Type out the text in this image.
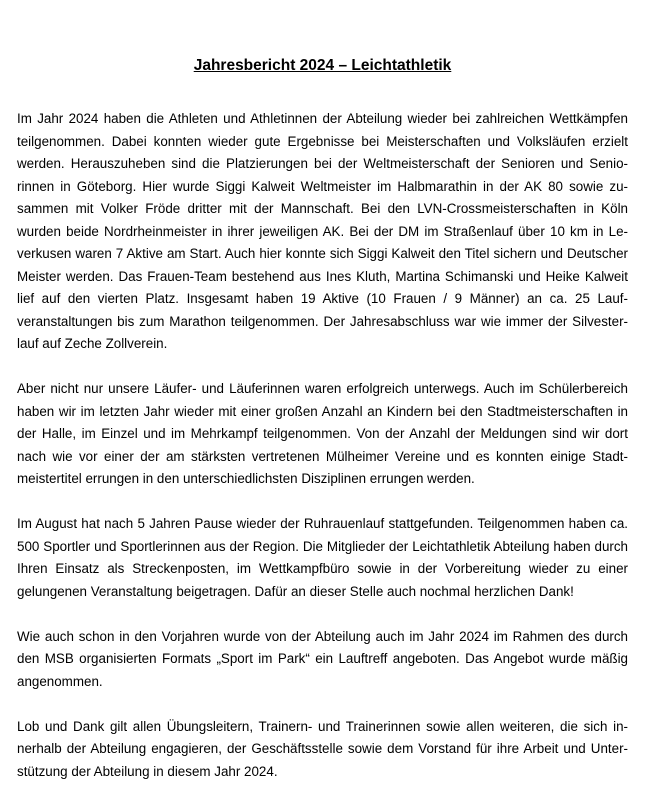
Jahresbericht 2024 – Leichtathletik

Im Jahr 2024 haben die Athleten und Athletinnen der Abteilung wieder bei zahlreichen Wettkämpfen teilgenommen. Dabei konnten wieder gute Ergebnisse bei Meisterschaften und Volksläufen erzielt werden. Herauszuheben sind die Platzierungen bei der Weltmeisterschaft der Senioren und Seniorinnen in Göteborg. Hier wurde Siggi Kalweit Weltmeister im Halbmarathin in der AK 80 sowie zusammen mit Volker Fröde dritter mit der Mannschaft. Bei den LVN-Crossmeisterschaften in Köln wurden beide Nordrheinmeister in ihrer jeweiligen AK. Bei der DM im Straßenlauf über 10 km in Leverkusen waren 7 Aktive am Start. Auch hier konnte sich Siggi Kalweit den Titel sichern und Deutscher Meister werden. Das Frauen-Team bestehend aus Ines Kluth, Martina Schimanski und Heike Kalweit lief auf den vierten Platz. Insgesamt haben 19 Aktive (10 Frauen / 9 Männer) an ca. 25 Laufveranstaltungen bis zum Marathon teilgenommen. Der Jahresabschluss war wie immer der Silvesterlauf auf Zeche Zollverein.

Aber nicht nur unsere Läufer- und Läuferinnen waren erfolgreich unterwegs. Auch im Schülerbereich haben wir im letzten Jahr wieder mit einer großen Anzahl an Kindern bei den Stadtmeisterschaften in der Halle, im Einzel und im Mehrkampf teilgenommen. Von der Anzahl der Meldungen sind wir dort nach wie vor einer der am stärksten vertretenen Mülheimer Vereine und es konnten einige Stadtmeistertitel errungen in den unterschiedlichsten Disziplinen errungen werden.

Im August hat nach 5 Jahren Pause wieder der Ruhrauenlauf stattgefunden. Teilgenommen haben ca. 500 Sportler und Sportlerinnen aus der Region. Die Mitglieder der Leichtathletik Abteilung haben durch Ihren Einsatz als Streckenposten, im Wettkampfbüro sowie in der Vorbereitung wieder zu einer gelungenen Veranstaltung beigetragen. Dafür an dieser Stelle auch nochmal herzlichen Dank!

Wie auch schon in den Vorjahren wurde von der Abteilung auch im Jahr 2024 im Rahmen des durch den MSB organisierten Formats „Sport im Park“ ein Lauftreff angeboten. Das Angebot wurde mäßig angenommen.

Lob und Dank gilt allen Übungsleitern, Trainern- und Trainerinnen sowie allen weiteren, die sich innerhalb der Abteilung engagieren, der Geschäftsstelle sowie dem Vorstand für ihre Arbeit und Unterstützung der Abteilung in diesem Jahr 2024.
